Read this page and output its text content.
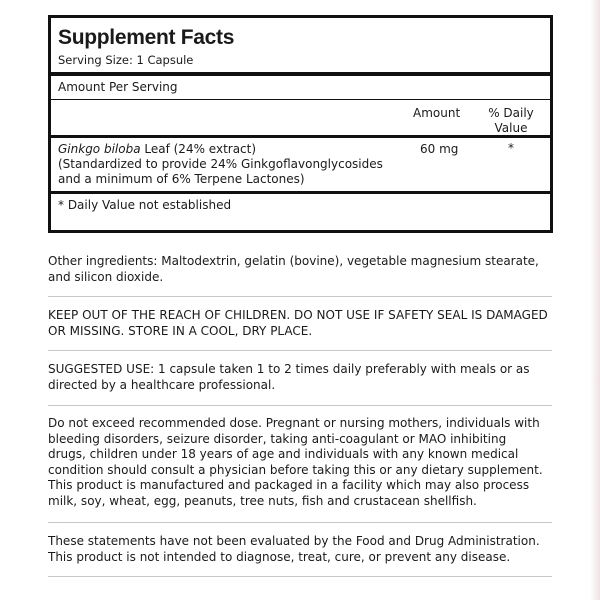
Supplement Facts
Serving Size: 1 Capsule
Amount Per Serving
Amount	% Daily
Value
Ginkgo biloba Leaf (24% extract)
(Standardized to provide 24% Ginkgoflavonglycosides
and a minimum of 6% Terpene Lactones)
60 mg	*
* Daily Value not established
Other ingredients: Maltodextrin, gelatin (bovine), vegetable magnesium stearate,
and silicon dioxide.
KEEP OUT OF THE REACH OF CHILDREN. DO NOT USE IF SAFETY SEAL IS DAMAGED
OR MISSING. STORE IN A COOL, DRY PLACE.
SUGGESTED USE: 1 capsule taken 1 to 2 times daily preferably with meals or as
directed by a healthcare professional.
Do not exceed recommended dose. Pregnant or nursing mothers, individuals with
bleeding disorders, seizure disorder, taking anti-coagulant or MAO inhibiting
drugs, children under 18 years of age and individuals with any known medical
condition should consult a physician before taking this or any dietary supplement.
This product is manufactured and packaged in a facility which may also process
milk, soy, wheat, egg, peanuts, tree nuts, fish and crustacean shellfish.
These statements have not been evaluated by the Food and Drug Administration.
This product is not intended to diagnose, treat, cure, or prevent any disease.
